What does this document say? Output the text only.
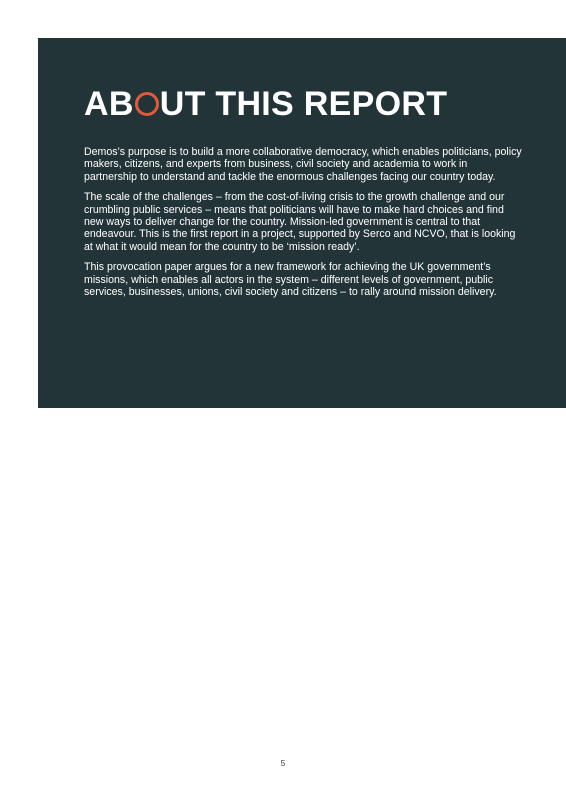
AB UT THIS REPORT

Demos’s purpose is to build a more collaborative democracy, which enables politicians, policy makers, citizens, and experts from business, civil society and academia to work in partnership to understand and tackle the enormous challenges facing our country today.

The scale of the challenges – from the cost-of-living crisis to the growth challenge and our crumbling public services – means that politicians will have to make hard choices and find new ways to deliver change for the country. Mission-led government is central to that endeavour. This is the first report in a project, supported by Serco and NCVO, that is looking at what it would mean for the country to be ‘mission ready’.

This provocation paper argues for a new framework for achieving the UK government’s missions, which enables all actors in the system – different levels of government, public services, businesses, unions, civil society and citizens – to rally around mission delivery.

5
